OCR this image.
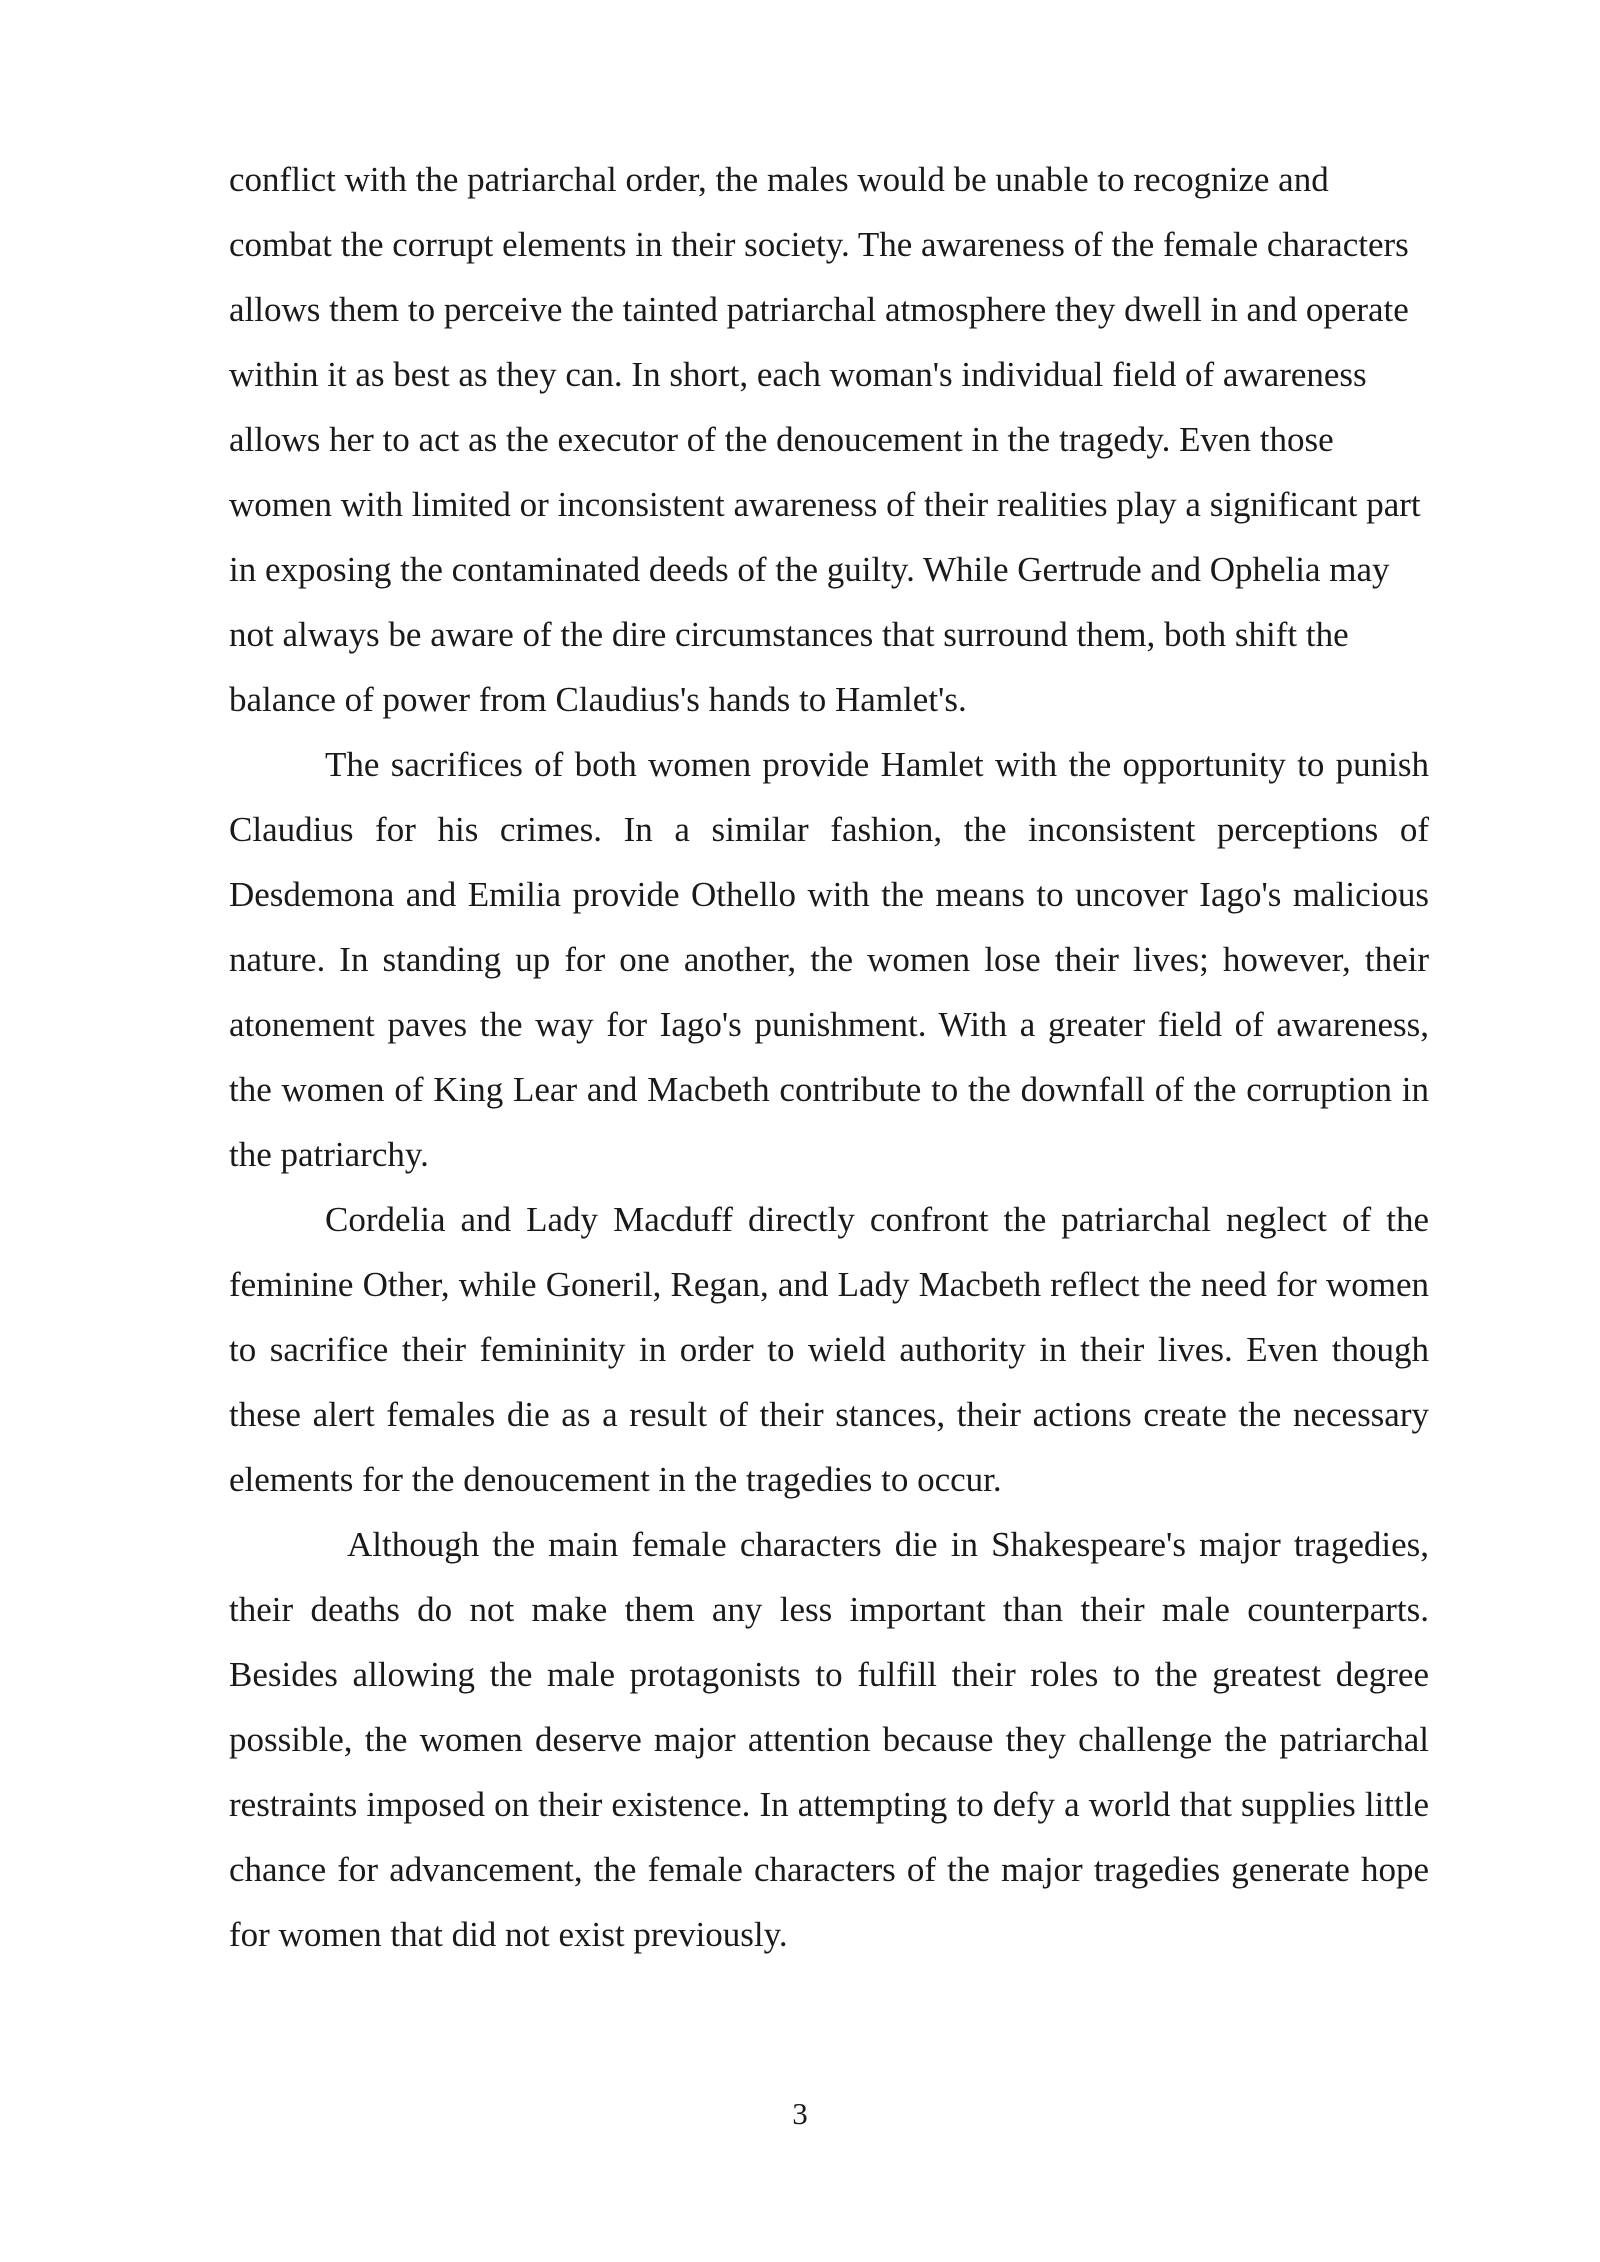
conflict with the patriarchal order, the males would be unable to recognize and combat the corrupt elements in their society. The awareness of the female characters allows them to perceive the tainted patriarchal atmosphere they dwell in and operate within it as best as they can. In short, each woman's individual field of awareness allows her to act as the executor of the denoucement in the tragedy. Even those women with limited or inconsistent awareness of their realities play a significant part in exposing the contaminated deeds of the guilty. While Gertrude and Ophelia may not always be aware of the dire circumstances that surround them, both shift the balance of power from Claudius's hands to Hamlet's.

The sacrifices of both women provide Hamlet with the opportunity to punish Claudius for his crimes. In a similar fashion, the inconsistent perceptions of Desdemona and Emilia provide Othello with the means to uncover Iago's malicious nature. In standing up for one another, the women lose their lives; however, their atonement paves the way for Iago's punishment. With a greater field of awareness, the women of King Lear and Macbeth contribute to the downfall of the corruption in the patriarchy.

Cordelia and Lady Macduff directly confront the patriarchal neglect of the feminine Other, while Goneril, Regan, and Lady Macbeth reflect the need for women to sacrifice their femininity in order to wield authority in their lives. Even though these alert females die as a result of their stances, their actions create the necessary elements for the denoucement in the tragedies to occur.

Although the main female characters die in Shakespeare's major tragedies, their deaths do not make them any less important than their male counterparts. Besides allowing the male protagonists to fulfill their roles to the greatest degree possible, the women deserve major attention because they challenge the patriarchal restraints imposed on their existence. In attempting to defy a world that supplies little chance for advancement, the female characters of the major tragedies generate hope for women that did not exist previously.

3
